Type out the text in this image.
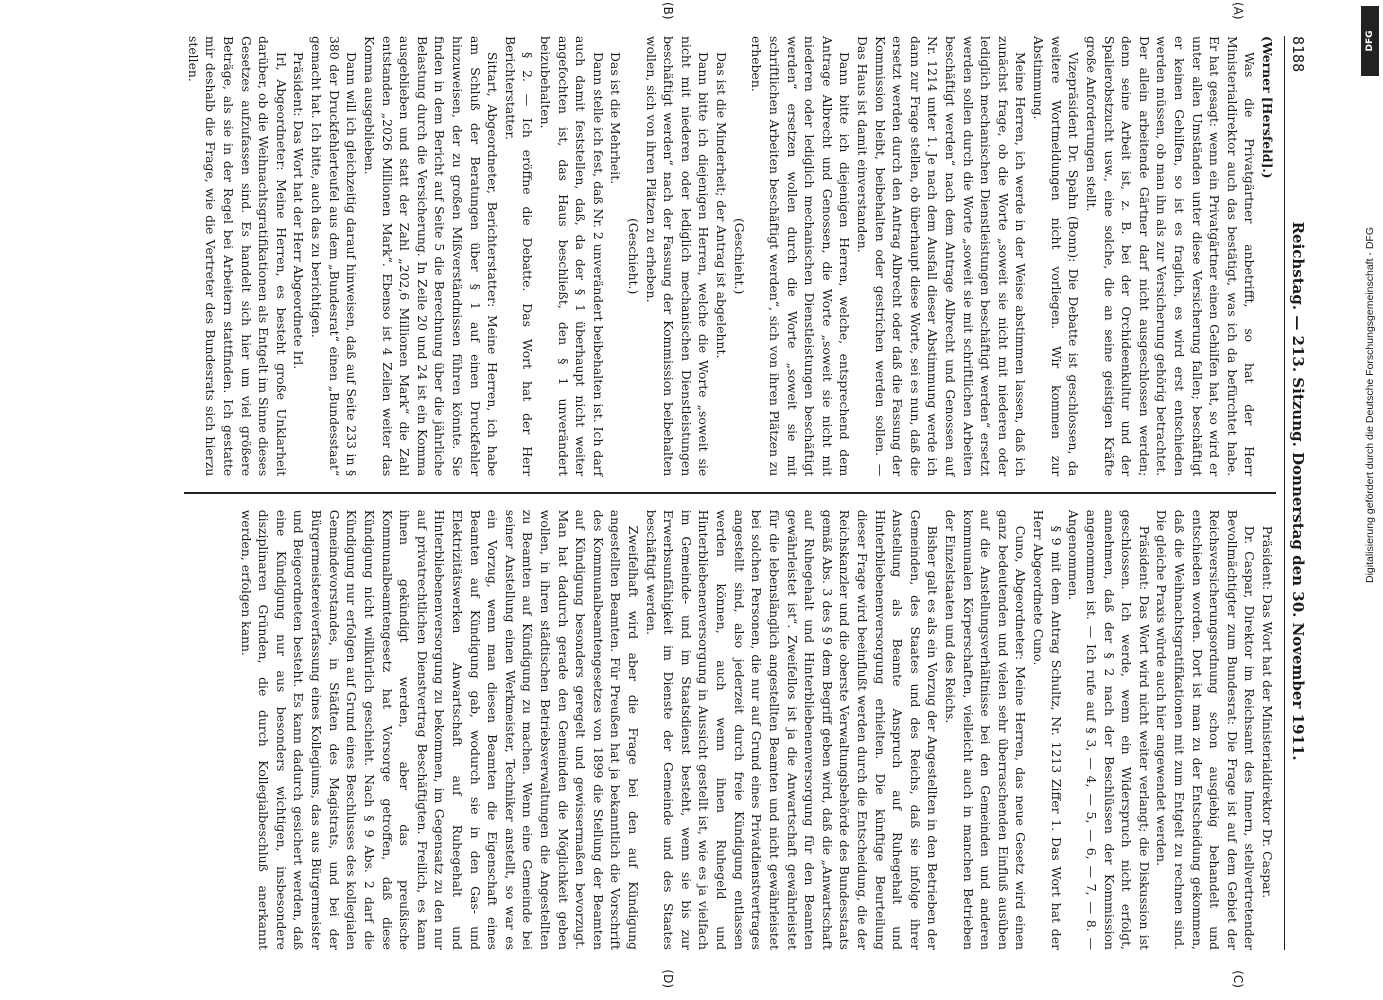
8188
Reichstag. — 213. Sitzung. Donnerstag den 30. November 1911.
(A)
(B)

(Werner [Hersfeld].)

Was die Privatgärtner anbetrifft, so hat der Herr Ministerialdirektor auch das bestätigt, was ich da befürchtet habe. Er hat gesagt: wenn ein Privatgärtner einen Gehilfen hat, so wird er unter allen Umständen unter diese Versicherung fallen; beschäftigt er keinen Gehilfen, so ist es fraglich, es wird erst entschieden werden müssen, ob man ihn als zur Versicherung gehörig betrachtet. Der allein arbeitende Gärtner darf nicht ausgeschlossen werden; denn seine Arbeit ist, z. B. bei der Orchideenkultur und der Spalierobstzucht usw., eine solche, die an seine geistigen Kräfte große Anforderungen stellt.

Vizepräsident Dr. Spahn (Bonn): Die Debatte ist geschlossen, da weitere Wortmeldungen nicht vorliegen. Wir kommen zur Abstimmung.

Meine Herren, ich werde in der Weise abstimmen lassen, daß ich zunächst frage, ob die Worte „soweit sie nicht mit niederen oder lediglich mechanischen Dienstleistungen beschäftigt werden“ ersetzt werden sollen durch die Worte „soweit sie mit schriftlichen Arbeiten beschäftigt werden“ nach dem Antrage Albrecht und Genossen auf Nr. 1214 unter 1. Je nach dem Ausfall dieser Abstimmung werde ich dann zur Frage stellen, ob überhaupt diese Worte, sei es nun, daß die ersetzt werden durch den Antrag Albrecht oder daß die Fassung der Kommission bleibt, beibehalten oder gestrichen werden sollen. — Das Haus ist damit einverstanden.

Dann bitte ich diejenigen Herren, welche, entsprechend dem Antrage Albrecht und Genossen, die Worte „soweit sie nicht mit niederen oder lediglich mechanischen Dienstleistungen beschäftigt werden“ ersetzen wollen durch die Worte „soweit sie mit schriftlichen Arbeiten beschäftigt werden“, sich von ihren Plätzen zu erheben.

(Geschieht.)

Das ist die Minderheit; der Antrag ist abgelehnt.

Dann bitte ich diejenigen Herren, welche die Worte „soweit sie nicht mit niederen oder lediglich mechanischen Dienstleistungen beschäftigt werden“ nach der Fassung der Kommission beibehalten wollen, sich von ihren Plätzen zu erheben.

(Geschieht.)

Das ist die Mehrheit.

Dann stelle ich fest, daß Nr. 2 unverändert beibehalten ist. Ich darf auch damit feststellen, daß, da der § 1 überhaupt nicht weiter angefochten ist, das Haus beschließt, den § 1 unverändert beizubehalten.

§ 2. — Ich eröffne die Debatte. Das Wort hat der Herr Berichterstatter.

Sittart, Abgeordneter, Berichterstatter: Meine Herren, ich habe am Schluß der Beratungen über § 1 auf einen Druckfehler hinzuweisen, der zu großen Mißverständnissen führen könnte. Sie finden in dem Bericht auf Seite 5 die Berechnung über die jährliche Belastung durch die Versicherung. In Zeile 20 und 24 ist ein Komma ausgeblieben und statt der Zahl „202,6 Millionen Mark“ die Zahl entstanden „2026 Millionen Mark“. Ebenso ist 4 Zeilen weiter das Komma ausgeblieben.

Dann will ich gleichzeitig darauf hinweisen, daß auf Seite 233 in § 380 der Druckfehlerteufel aus dem „Bundesrat“ einen „Bundesstaat“ gemacht hat. Ich bitte, auch das zu berichtigen.

Präsident: Das Wort hat der Herr Abgeordnete Irl.

Irl, Abgeordneter: Meine Herren, es besteht große Unklarheit darüber, ob die Weihnachtsgratifikationen als Entgelt im Sinne dieses Gesetzes aufzufassen sind. Es handelt sich hier um viel größere Beträge, als sie in der Regel bei Arbeitern stattfinden. Ich gestatte mir deshalb die Frage, wie die Vertreter des Bundesrats sich hierzu stellen.

(C)
(D)

Präsident: Das Wort hat der Ministerialdirektor Dr. Caspar.

Dr. Caspar, Direktor im Reichsamt des Innern, stellvertretender Bevollmächtigter zum Bundesrat: Die Frage ist auf dem Gebiet der Reichsversicherungsordnung schon ausgiebig behandelt und entschieden worden. Dort ist man zu der Entscheidung gekommen, daß die Weihnachtsgratifikationen mit zum Entgelt zu rechnen sind. Die gleiche Praxis würde auch hier angewendet werden.

Präsident: Das Wort wird nicht weiter verlangt; die Diskussion ist geschlossen. Ich werde, wenn ein Widerspruch nicht erfolgt, annehmen, daß der § 2 nach der Beschlüssen der Kommission angenommen ist. — Ich rufe auf § 3, — 4, — 5, — 6, — 7, — 8. — Angenommen.

§ 9 mit dem Antrag Schultz, Nr. 1213 Ziffer 1. Das Wort hat der Herr Abgeordnete Cuno.

Cuno, Abgeordneter: Meine Herren, das neue Gesetz wird einen ganz bedeutenden und vielen sehr überraschenden Einfluß ausüben auf die Anstellungsverhältnisse bei den Gemeinden und anderen kommunalen Körperschaften, vielleicht auch in manchen Betrieben der Einzelstaaten und des Reichs.

Bisher galt es als ein Vorzug der Angestellten in den Betrieben der Gemeinden, des Staates und des Reichs, daß sie infolge ihrer Anstellung als Beamte Anspruch auf Ruhegehalt und Hinterbliebenenversorgung erhielten. Die künftige Beurteilung dieser Frage wird beeinflußt werden durch die Entscheidung, die der Reichskanzler und die oberste Verwaltungsbehörde des Bundesstaats gemäß Abs. 3 des § 9 dem Begriff geben wird, daß die „Anwartschaft auf Ruhegehalt und Hinterbliebenenversorgung für den Beamten gewährleistet ist“. Zweifellos ist ja die Anwartschaft gewährleistet für die lebenslänglich angestellten Beamten und nicht gewährleistet bei solchen Personen, die nur auf Grund eines Privatdienstvertrages angestellt sind, also jederzeit durch freie Kündigung entlassen werden können, auch wenn ihnen Ruhegeld und Hinterbliebenenversorgung in Aussicht gestellt ist, wie es ja vielfach im Gemeinde- und im Staatsdienst besteht, wenn sie bis zur Erwerbsunfähigkeit im Dienste der Gemeinde und des Staates beschäftigt werden.

Zweifelhaft wird aber die Frage bei den auf Kündigung angestellten Beamten. Für Preußen hat ja bekanntlich die Vorschrift des Kommunalbeamtengesetzes von 1899 die Stellung der Beamten auf Kündigung besonders geregelt und gewissermaßen bevorzugt. Man hat dadurch gerade den Gemeinden die Möglichkeit geben wollen, in ihren städtischen Betriebsverwaltungen die Angestellten zu Beamten auf Kündigung zu machen. Wenn eine Gemeinde bei seiner Anstellung einen Werkmeister, Techniker anstellt, so war es ein Vorzug, wenn man diesen Beamten die Eigenschaft eines Beamten auf Kündigung gab, wodurch sie in den Gas- und Elektrizitätswerken Anwartschaft auf Ruhegehalt und Hinterbliebenenversorgung zu bekommen, im Gegensatz zu den nur auf privatrechtlichen Dienstvertrag Beschäftigten. Freilich, es kann ihnen gekündigt werden, aber das preußische Kommunalbeamtengesetz hat Vorsorge getroffen, daß diese Kündigung nicht willkürlich geschieht. Nach § 9 Abs. 2 darf die Kündigung nur erfolgen auf Grund eines Beschlusses des kollegialen Gemeindevorstandes, in Städten des Magistrats, und bei der Bürgermeistereiverfassung eines Kollegiums, das aus Bürgermeister und Beigeordneten besteht. Es kann dadurch gesichert werden, daß eine Kündigung nur aus besonders wichtigen, insbesondere disziplinaren Gründen, die durch Kollegialbeschluß anerkannt werden, erfolgen kann.

DFG
Digitalisierung gefördert durch die Deutsche Forschungsgemeinschaft - DFG
